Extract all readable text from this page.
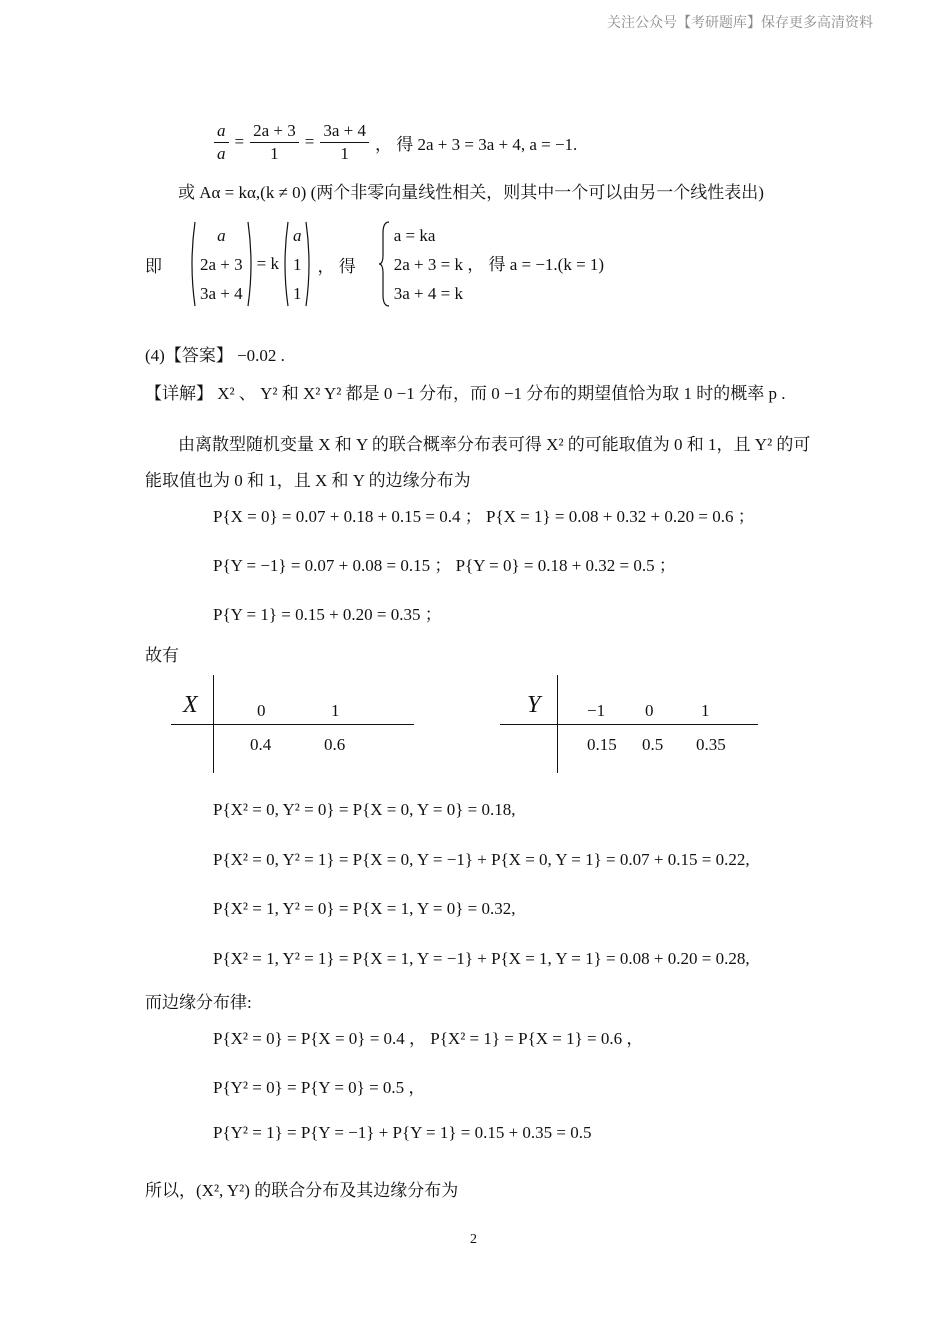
关注公众号【考研题库】保存更多高清资料
$\frac{a}{a} = \frac{2a + 3}{1} = \frac{3a + 4}{1}$ ， 得 2a + 3 = 3a + 4, a = −1.
或 Aα = kα,(k ≠ 0) (两个非零向量线性相关，则其中一个可以由另一个线性表出)
即
a
2a + 3
3a + 4
= k
a
1
1
， 得
a = ka
2a + 3 = k ， 得 a = −1.(k = 1)
3a + 4 = k
(4)【答案】 −0.02 .
【详解】 X² 、 Y² 和 X² Y² 都是 0 −1 分布，而 0 −1 分布的期望值恰为取 1 时的概率 p .
由离散型随机变量 X 和 Y 的联合概率分布表可得 X² 的可能取值为 0 和 1，且 Y² 的可
能取值也为 0 和 1，且 X 和 Y 的边缘分布为
P{X = 0} = 0.07 + 0.18 + 0.15 = 0.4 ； P{X = 1} = 0.08 + 0.32 + 0.20 = 0.6 ；
P{Y = −1} = 0.07 + 0.08 = 0.15 ； P{Y = 0} = 0.18 + 0.32 = 0.5 ；
P{Y = 1} = 0.15 + 0.20 = 0.35 ；
故有
X	0	1
0.4	0.6
Y	−1 0	1
0.15 0.5 0.35
P{X² = 0, Y² = 0} = P{X = 0, Y = 0} = 0.18,
P{X² = 0, Y² = 1} = P{X = 0, Y = −1} + P{X = 0, Y = 1} = 0.07 + 0.15 = 0.22,
P{X² = 1, Y² = 0} = P{X = 1, Y = 0} = 0.32,
P{X² = 1, Y² = 1} = P{X = 1, Y = −1} + P{X = 1, Y = 1} = 0.08 + 0.20 = 0.28,
而边缘分布律:
P{X² = 0} = P{X = 0} = 0.4 ， P{X² = 1} = P{X = 1} = 0.6 ，
P{Y² = 0} = P{Y = 0} = 0.5 ，
P{Y² = 1} = P{Y = −1} + P{Y = 1} = 0.15 + 0.35 = 0.5
所以，(X², Y²) 的联合分布及其边缘分布为
2
